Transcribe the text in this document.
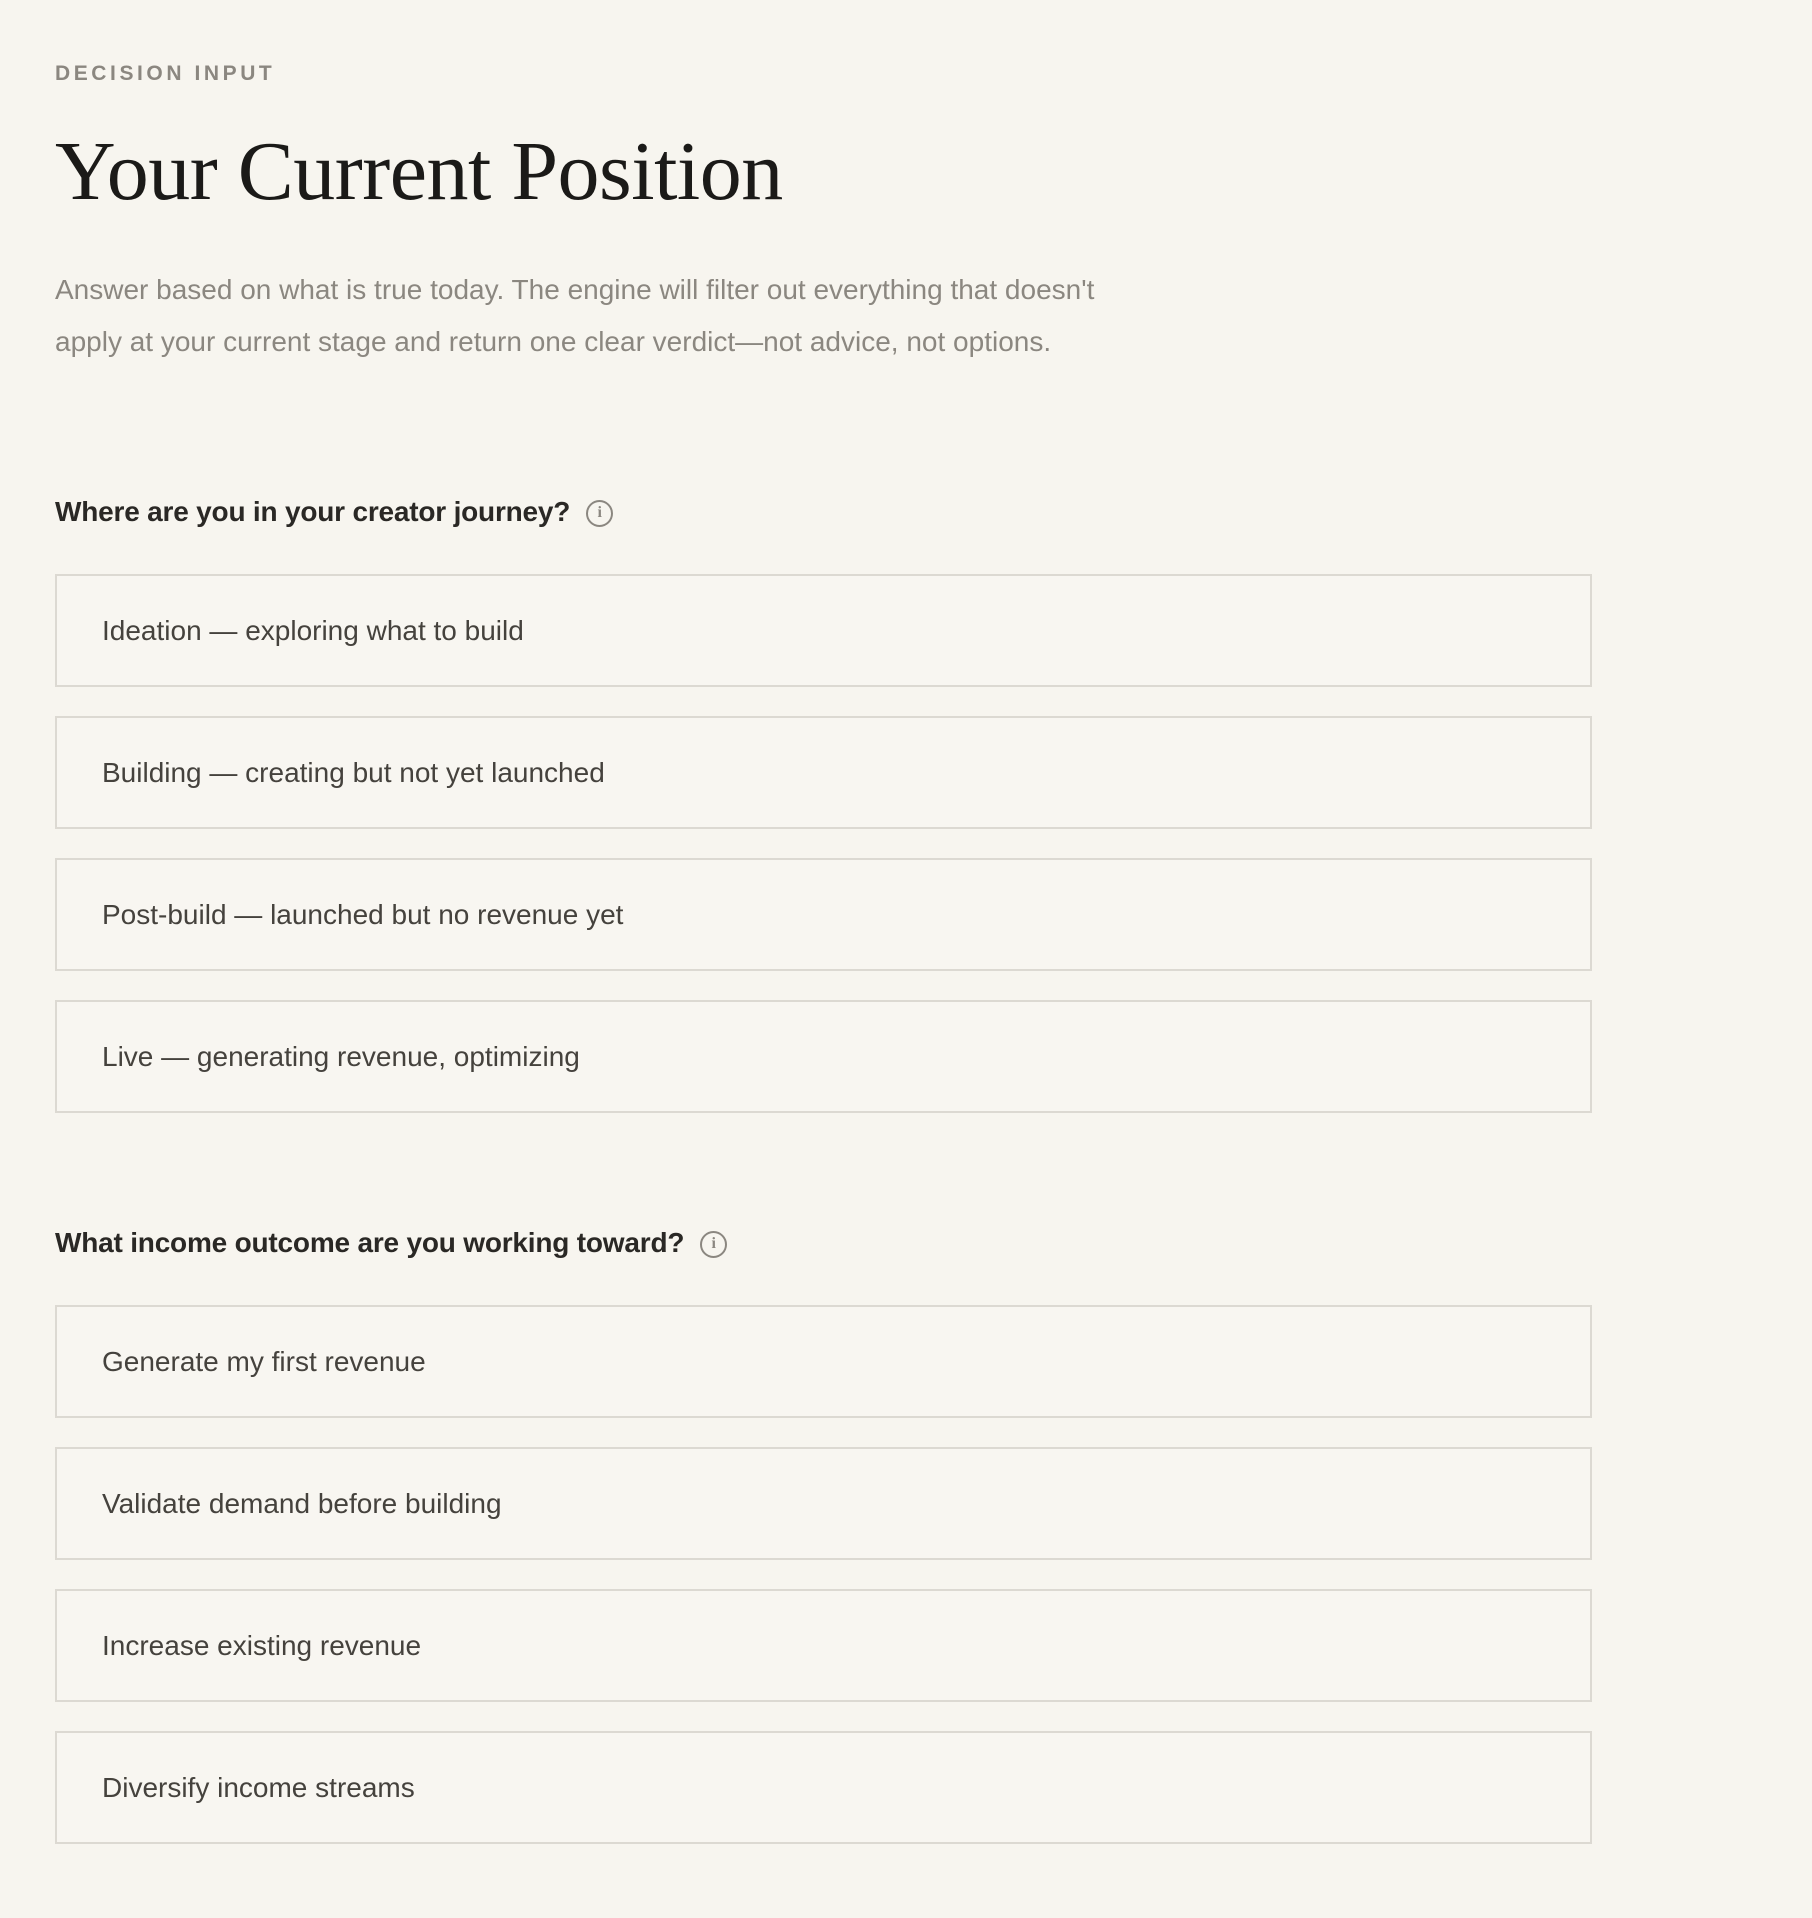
DECISION INPUT
Your Current Position

Answer based on what is true today. The engine will filter out everything that doesn't apply at your current stage and return one clear verdict—not advice, not options.

Where are you in your creator journey?	i
Ideation — exploring what to build
Building — creating but not yet launched
Post-build — launched but no revenue yet
Live — generating revenue, optimizing
What income outcome are you working toward?	i
Generate my first revenue
Validate demand before building
Increase existing revenue
Diversify income streams
